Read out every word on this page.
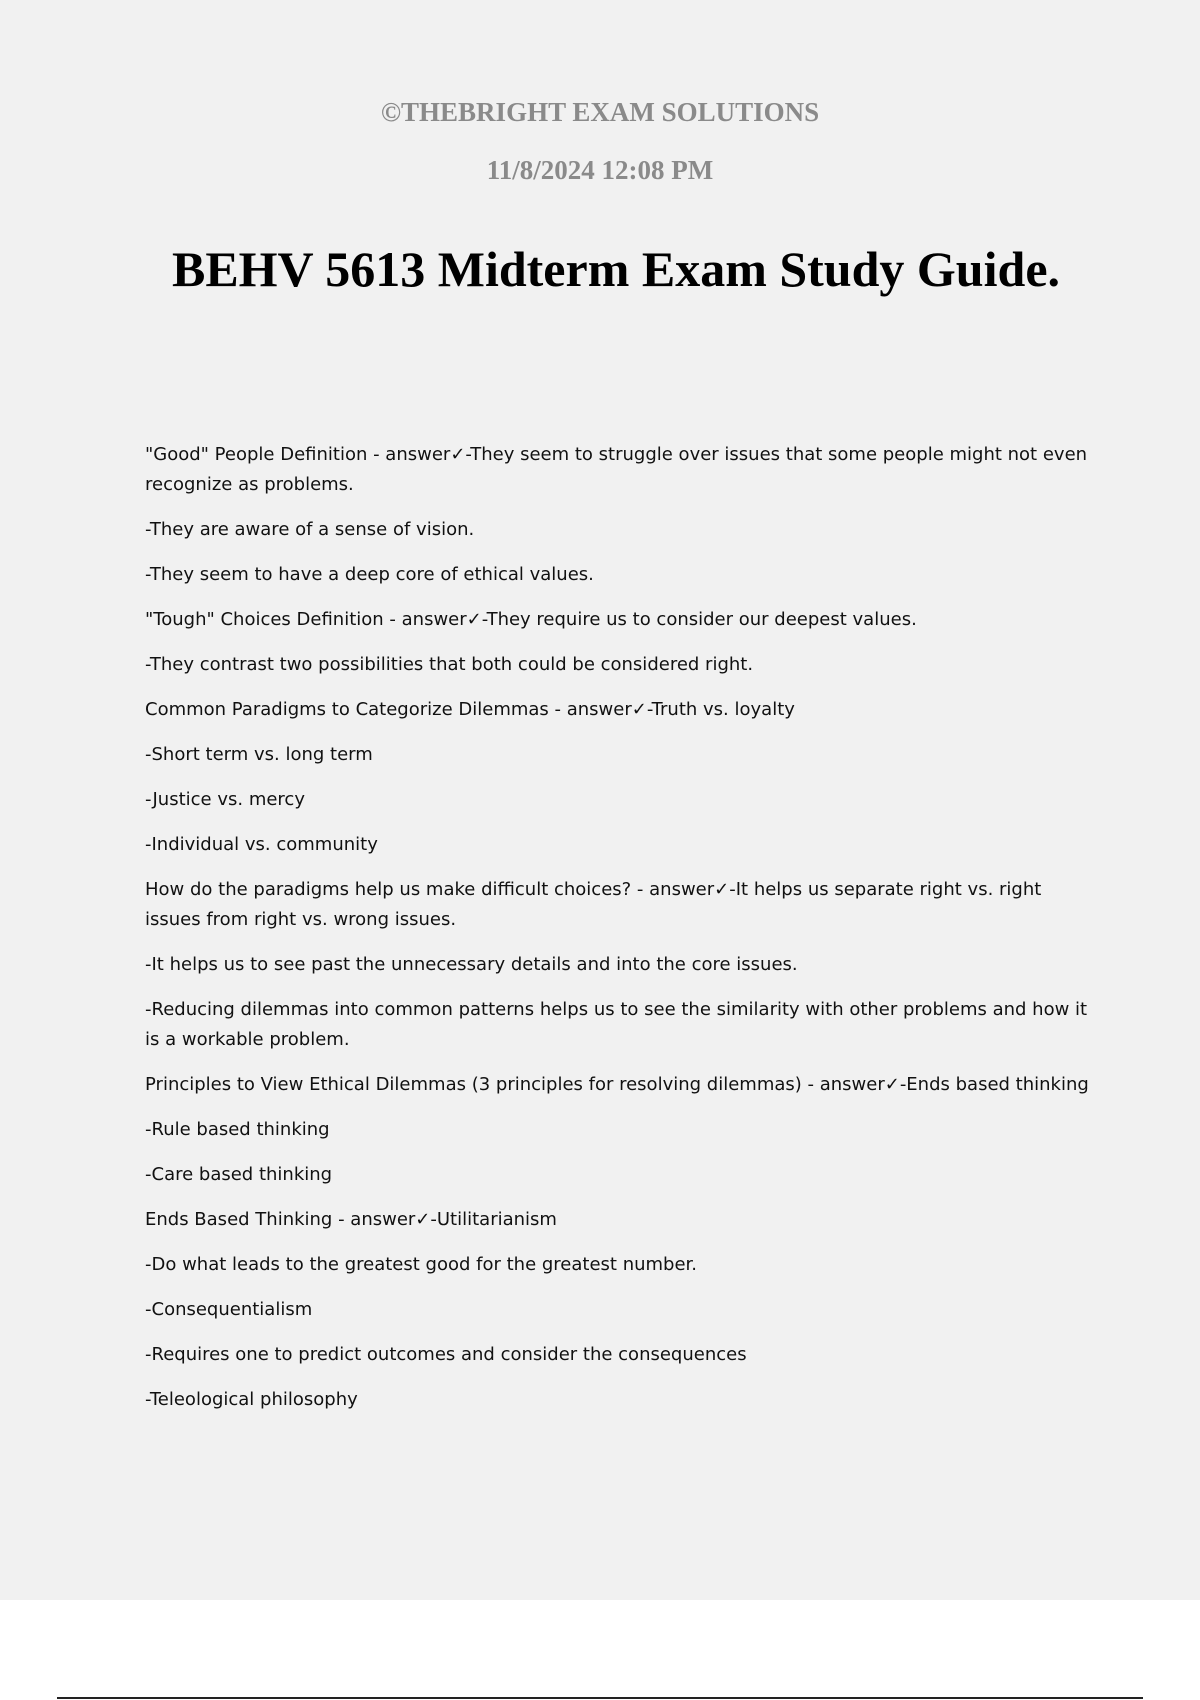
©THEBRIGHT EXAM SOLUTIONS
11/8/2024 12:08 PM
BEHV 5613 Midterm Exam Study Guide.

"Good" People Definition - answer✓-They seem to struggle over issues that some people might not even recognize as problems.

-They are aware of a sense of vision.

-They seem to have a deep core of ethical values.

"Tough" Choices Definition - answer✓-They require us to consider our deepest values.

-They contrast two possibilities that both could be considered right.

Common Paradigms to Categorize Dilemmas - answer✓-Truth vs. loyalty

-Short term vs. long term

-Justice vs. mercy

-Individual vs. community

How do the paradigms help us make difficult choices? - answer✓-It helps us separate right vs. right issues from right vs. wrong issues.

-It helps us to see past the unnecessary details and into the core issues.

-Reducing dilemmas into common patterns helps us to see the similarity with other problems and how it is a workable problem.

Principles to View Ethical Dilemmas (3 principles for resolving dilemmas) - answer✓-Ends based thinking

-Rule based thinking

-Care based thinking

Ends Based Thinking - answer✓-Utilitarianism

-Do what leads to the greatest good for the greatest number.

-Consequentialism

-Requires one to predict outcomes and consider the consequences

-Teleological philosophy
